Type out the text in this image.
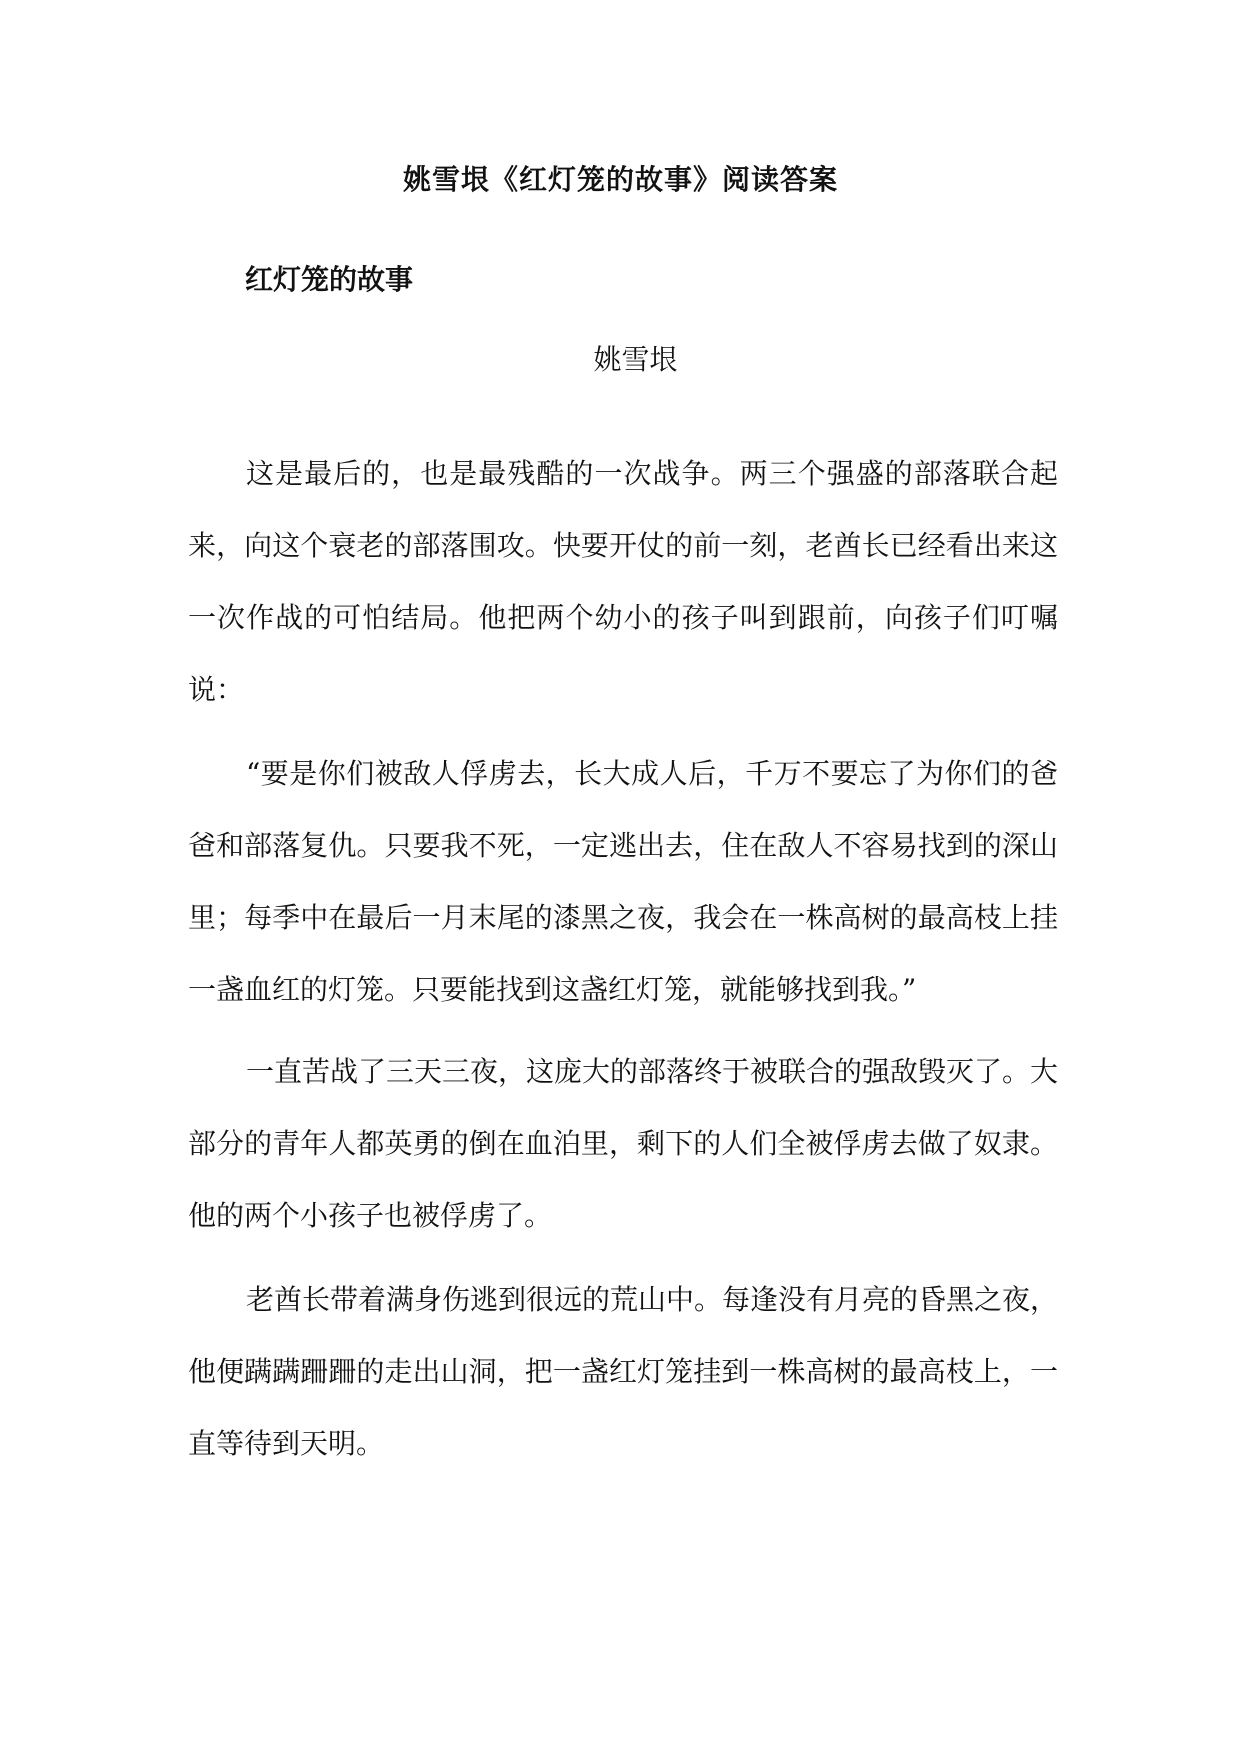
姚雪垠《红灯笼的故事》阅读答案
红灯笼的故事
姚雪垠
这是最后的，也是最残酷的一次战争。两三个强盛的部落联合起来，向这个衰老的部落围攻。快要开仗的前一刻，老酋长已经看出来这一次作战的可怕结局。他把两个幼小的孩子叫到跟前，向孩子们叮嘱说：
“要是你们被敌人俘虏去，长大成人后，千万不要忘了为你们的爸爸和部落复仇。只要我不死，一定逃出去，住在敌人不容易找到的深山里；每季中在最后一月末尾的漆黑之夜，我会在一株高树的最高枝上挂一盏血红的灯笼。只要能找到这盏红灯笼，就能够找到我。”
一直苦战了三天三夜，这庞大的部落终于被联合的强敌毁灭了。大部分的青年人都英勇的倒在血泊里，剩下的人们全被俘虏去做了奴隶。他的两个小孩子也被俘虏了。
老酋长带着满身伤逃到很远的荒山中。每逢没有月亮的昏黑之夜，他便蹒蹒跚跚的走出山洞，把一盏红灯笼挂到一株高树的最高枝上，一直等待到天明。
